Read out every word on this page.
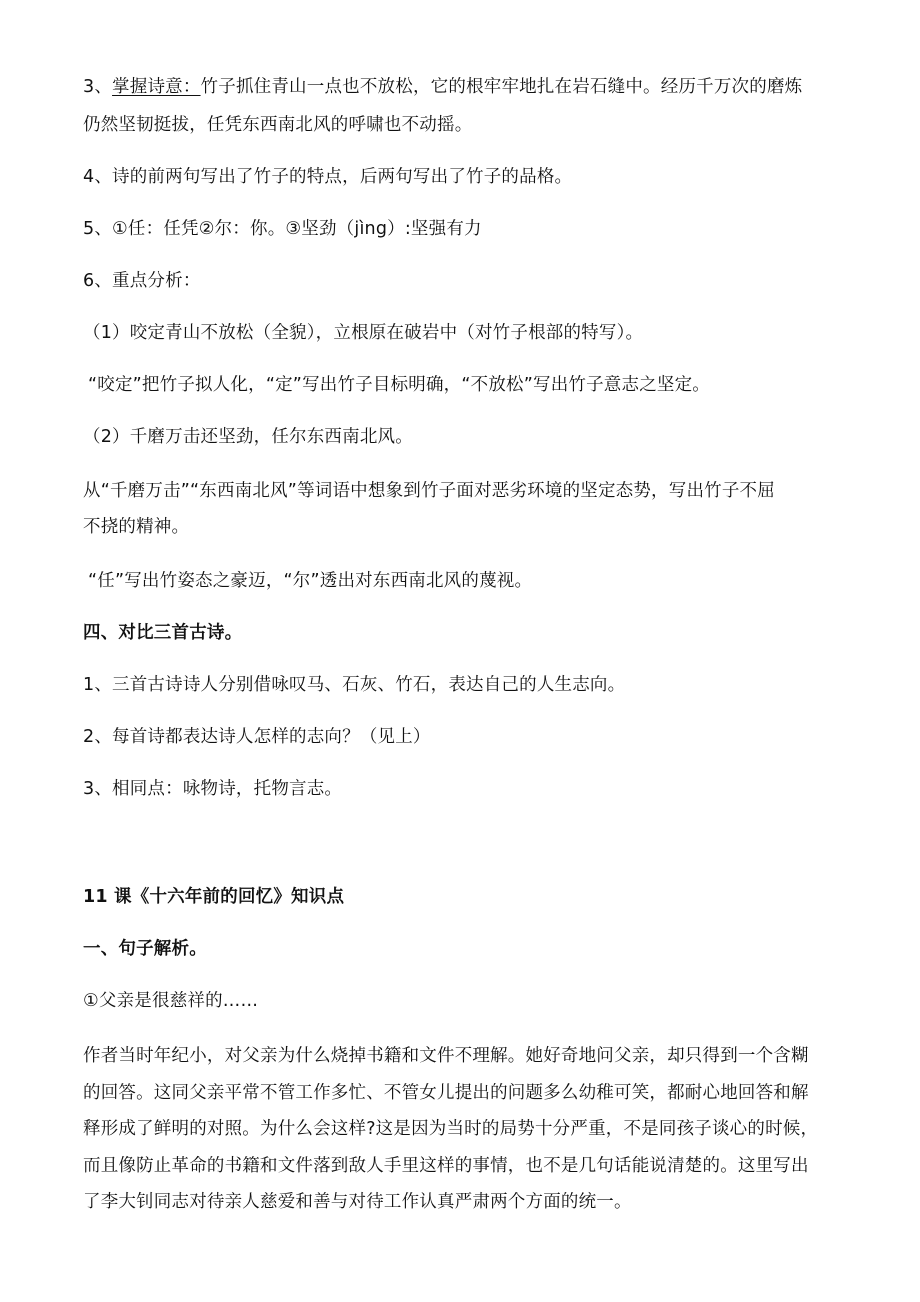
3、掌握诗意：竹子抓住青山一点也不放松，它的根牢牢地扎在岩石缝中。经历千万次的磨炼
仍然坚韧挺拔，任凭东西南北风的呼啸也不动摇。
4、诗的前两句写出了竹子的特点，后两句写出了竹子的品格。
5、①任：任凭②尔：你。③坚劲（jìng）:坚强有力
6、重点分析：
（1）咬定青山不放松（全貌），立根原在破岩中（对竹子根部的特写）。
“咬定”把竹子拟人化，“定”写出竹子目标明确，“不放松”写出竹子意志之坚定。
（2）千磨万击还坚劲，任尔东西南北风。
从“千磨万击”“东西南北风”等词语中想象到竹子面对恶劣环境的坚定态势，写出竹子不屈
不挠的精神。
“任”写出竹姿态之豪迈，“尔”透出对东西南北风的蔑视。
四、对比三首古诗。
1、三首古诗诗人分别借咏叹马、石灰、竹石，表达自己的人生志向。
2、每首诗都表达诗人怎样的志向？（见上）
3、相同点：咏物诗，托物言志。
11 课《十六年前的回忆》知识点
一、句子解析。
①父亲是很慈祥的……
作者当时年纪小，对父亲为什么烧掉书籍和文件不理解。她好奇地问父亲，却只得到一个含糊
的回答。这同父亲平常不管工作多忙、不管女儿提出的问题多么幼稚可笑，都耐心地回答和解
释形成了鲜明的对照。为什么会这样?这是因为当时的局势十分严重，不是同孩子谈心的时候，
而且像防止革命的书籍和文件落到敌人手里这样的事情，也不是几句话能说清楚的。这里写出
了李大钊同志对待亲人慈爱和善与对待工作认真严肃两个方面的统一。
